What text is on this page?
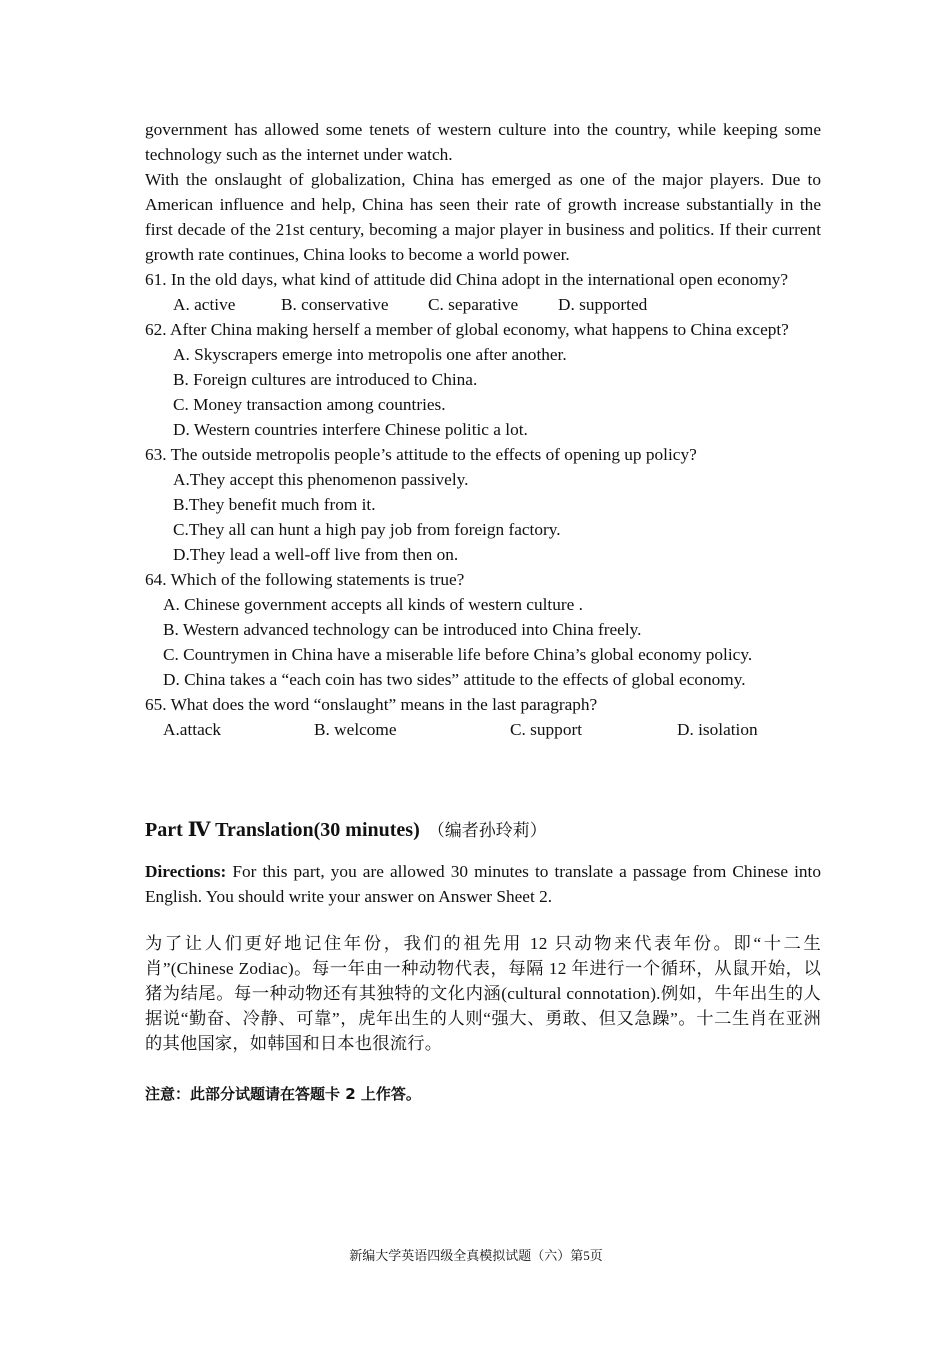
government has allowed some tenets of western culture into the country, while keeping some technology such as the internet under watch.

With the onslaught of globalization, China has emerged as one of the major players. Due to American influence and help, China has seen their rate of growth increase substantially in the first decade of the 21st century, becoming a major player in business and politics. If their current growth rate continues, China looks to become a world power.

61. In the old days, what kind of attitude did China adopt in the international open economy?

A. active	B. conservative	C. separative	D. supported

62. After China making herself a member of global economy, what happens to China except?

A. Skyscrapers emerge into metropolis one after another.

B. Foreign cultures are introduced to China.

C. Money transaction among countries.

D. Western countries interfere Chinese politic a lot.

63. The outside metropolis people’s attitude to the effects of opening up policy?

A.They accept this phenomenon passively.

B.They benefit much from it.

C.They all can hunt a high pay job from foreign factory.

D.They lead a well-off live from then on.

64. Which of the following statements is true?

A. Chinese government accepts all kinds of western culture .

B. Western advanced technology can be introduced into China freely.

C. Countrymen in China have a miserable life before China’s global economy policy.

D. China takes a “each coin has two sides” attitude to the effects of global economy.

65. What does the word “onslaught” means in the last paragraph?

A.attack	B. welcome	C. support	D. isolation
Part Ⅳ Translation(30 minutes) （编者孙玲莉）

Directions: For this part, you are allowed 30 minutes to translate a passage from Chinese into English. You should write your answer on Answer Sheet 2.

为了让人们更好地记住年份，我们的祖先用 12 只动物来代表年份。即“十二生肖”(Chinese Zodiac)。每一年由一种动物代表，每隔 12 年进行一个循环，从鼠开始，以猪为结尾。每一种动物还有其独特的文化内涵(cultural connotation).例如，牛年出生的人据说“勤奋、冷静、可靠”，虎年出生的人则“强大、勇敢、但又急躁”。十二生肖在亚洲的其他国家，如韩国和日本也很流行。

注意：此部分试题请在答题卡 2 上作答。

新编大学英语四级全真模拟试题（六）第5页
